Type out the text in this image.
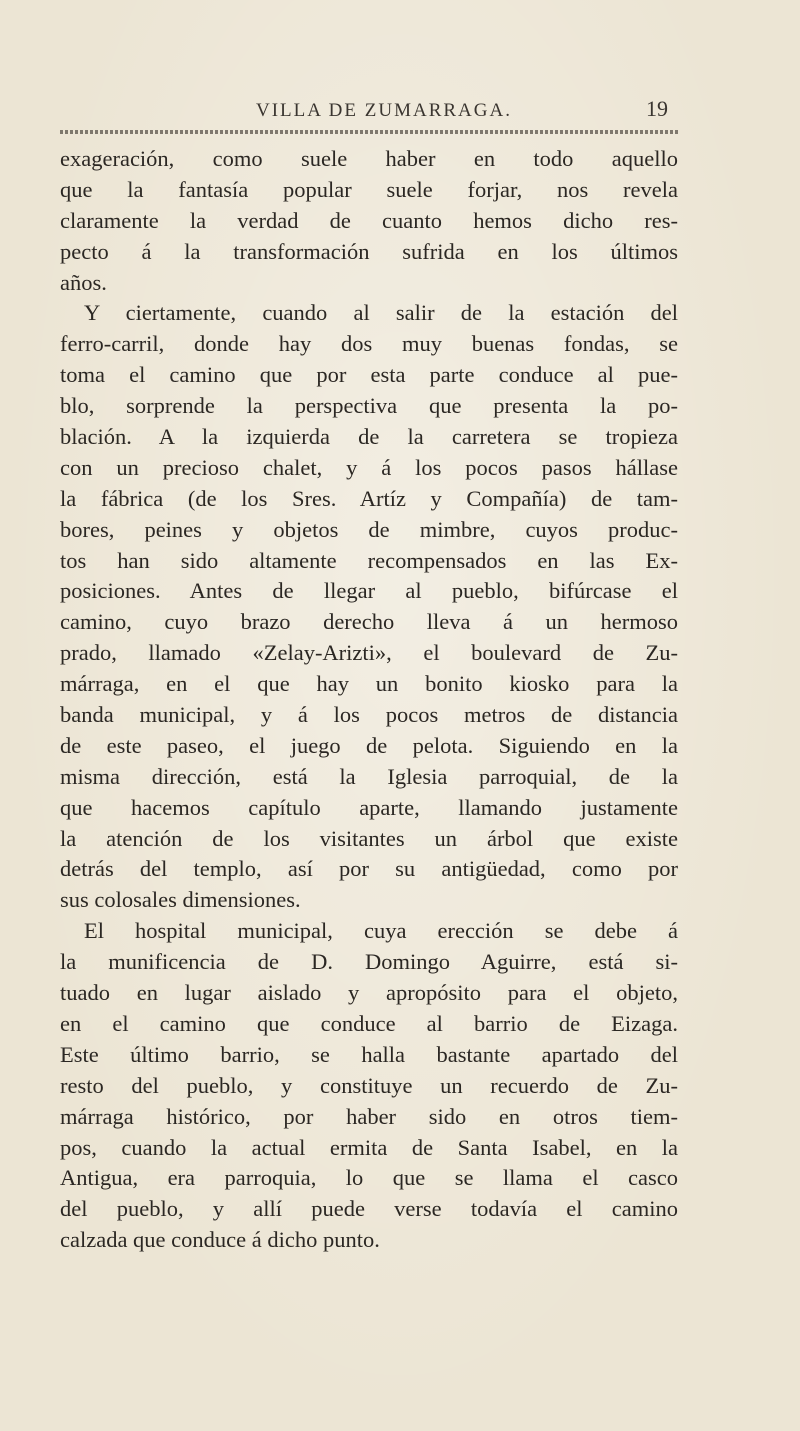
VILLA DE ZUMARRAGA.	19
exageración, como suele haber en todo aquello
que la fantasía popular suele forjar, nos revela
claramente la verdad de cuanto hemos dicho res-
pecto á la transformación sufrida en los últimos
años.
Y ciertamente, cuando al salir de la estación del
ferro-carril, donde hay dos muy buenas fondas, se
toma el camino que por esta parte conduce al pue-
blo, sorprende la perspectiva que presenta la po-
blación. A la izquierda de la carretera se tropieza
con un precioso chalet, y á los pocos pasos hállase
la fábrica (de los Sres. Artíz y Compañía) de tam-
bores, peines y objetos de mimbre, cuyos produc-
tos han sido altamente recompensados en las Ex-
posiciones. Antes de llegar al pueblo, bifúrcase el
camino, cuyo brazo derecho lleva á un hermoso
prado, llamado «Zelay-Arizti», el boulevard de Zu-
márraga, en el que hay un bonito kiosko para la
banda municipal, y á los pocos metros de distancia
de este paseo, el juego de pelota. Siguiendo en la
misma dirección, está la Iglesia parroquial, de la
que hacemos capítulo aparte, llamando justamente
la atención de los visitantes un árbol que existe
detrás del templo, así por su antigüedad, como por
sus colosales dimensiones.
El hospital municipal, cuya erección se debe á
la munificencia de D. Domingo Aguirre, está si-
tuado en lugar aislado y apropósito para el objeto,
en el camino que conduce al barrio de Eizaga.
Este último barrio, se halla bastante apartado del
resto del pueblo, y constituye un recuerdo de Zu-
márraga histórico, por haber sido en otros tiem-
pos, cuando la actual ermita de Santa Isabel, en la
Antigua, era parroquia, lo que se llama el casco
del pueblo, y allí puede verse todavía el camino
calzada que conduce á dicho punto.
